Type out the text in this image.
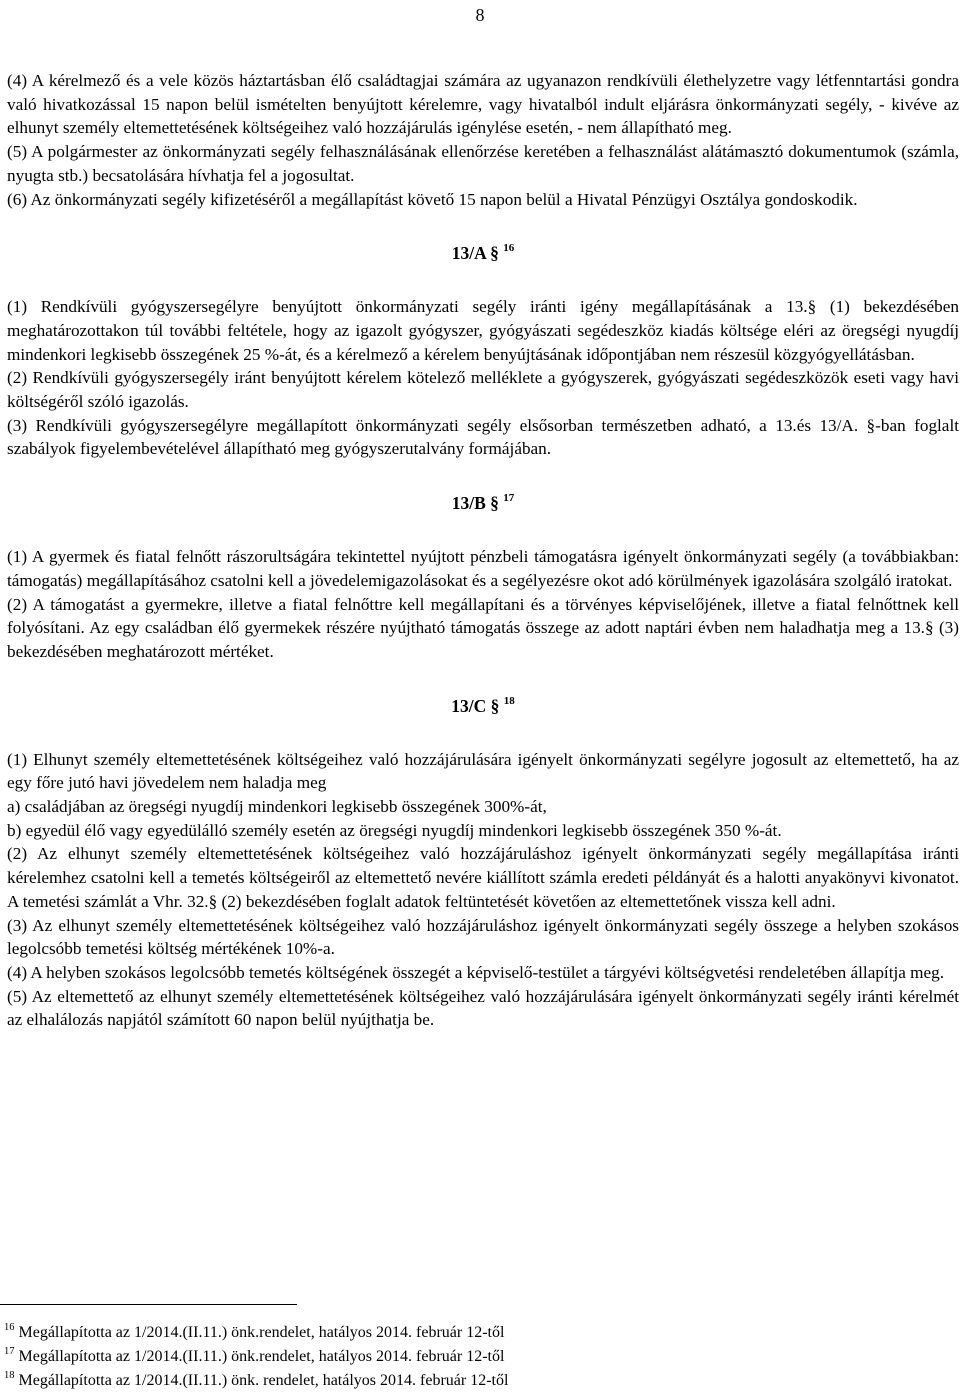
8

(4) A kérelmező és a vele közös háztartásban élő családtagjai számára az ugyanazon rendkívüli élethelyzetre vagy létfenntartási gondra való hivatkozással 15 napon belül ismételten benyújtott kérelemre, vagy hivatalból indult eljárásra önkormányzati segély, - kivéve az elhunyt személy eltemettetésének költségeihez való hozzájárulás igénylése esetén, - nem állapítható meg.

(5) A polgármester az önkormányzati segély felhasználásának ellenőrzése keretében a felhasználást alátámasztó dokumentumok (számla, nyugta stb.) becsatolására hívhatja fel a jogosultat.

(6) Az önkormányzati segély kifizetéséről a megállapítást követő 15 napon belül a Hivatal Pénzügyi Osztálya gondoskodik.

13/A § $^{16}$

(1) Rendkívüli gyógyszersegélyre benyújtott önkormányzati segély iránti igény megállapításának a 13.§ (1) bekezdésében meghatározottakon túl további feltétele, hogy az igazolt gyógyszer, gyógyászati segédeszköz kiadás költsége eléri az öregségi nyugdíj mindenkori legkisebb összegének 25 %-át, és a kérelmező a kérelem benyújtásának időpontjában nem részesül közgyógyellátásban.

(2) Rendkívüli gyógyszersegély iránt benyújtott kérelem kötelező melléklete a gyógyszerek, gyógyászati segédeszközök eseti vagy havi költségéről szóló igazolás.

(3) Rendkívüli gyógyszersegélyre megállapított önkormányzati segély elsősorban természetben adható, a 13.és 13/A. §-ban foglalt szabályok figyelembevételével állapítható meg gyógyszerutalvány formájában.

13/B § $^{17}$

(1) A gyermek és fiatal felnőtt rászorultságára tekintettel nyújtott pénzbeli támogatásra igényelt önkormányzati segély (a továbbiakban: támogatás) megállapításához csatolni kell a jövedelemigazolásokat és a segélyezésre okot adó körülmények igazolására szolgáló iratokat.

(2) A támogatást a gyermekre, illetve a fiatal felnőttre kell megállapítani és a törvényes képviselőjének, illetve a fiatal felnőttnek kell folyósítani. Az egy családban élő gyermekek részére nyújtható támogatás összege az adott naptári évben nem haladhatja meg a 13.§ (3) bekezdésében meghatározott mértéket.

13/C § $^{18}$

(1) Elhunyt személy eltemettetésének költségeihez való hozzájárulására igényelt önkormányzati segélyre jogosult az eltemettető, ha az egy főre jutó havi jövedelem nem haladja meg

a) családjában az öregségi nyugdíj mindenkori legkisebb összegének 300%-át,

b) egyedül élő vagy egyedülálló személy esetén az öregségi nyugdíj mindenkori legkisebb összegének 350 %-át.

(2) Az elhunyt személy eltemettetésének költségeihez való hozzájáruláshoz igényelt önkormányzati segély megállapítása iránti kérelemhez csatolni kell a temetés költségeiről az eltemettető nevére kiállított számla eredeti példányát és a halotti anyakönyvi kivonatot. A temetési számlát a Vhr. 32.§ (2) bekezdésében foglalt adatok feltüntetését követően az eltemettetőnek vissza kell adni.

(3) Az elhunyt személy eltemettetésének költségeihez való hozzájáruláshoz igényelt önkormányzati segély összege a helyben szokásos legolcsóbb temetési költség mértékének 10%-a.

(4) A helyben szokásos legolcsóbb temetés költségének összegét a képviselő-testület a tárgyévi költségvetési rendeletében állapítja meg.

(5) Az eltemettető az elhunyt személy eltemettetésének költségeihez való hozzájárulására igényelt önkormányzati segély iránti kérelmét az elhalálozás napjától számított 60 napon belül nyújthatja be.

$^{16}$ Megállapította az 1/2014.(II.11.) önk.rendelet, hatályos 2014. február 12-től

$^{17}$ Megállapította az 1/2014.(II.11.) önk.rendelet, hatályos 2014. február 12-től

$^{18}$ Megállapította az 1/2014.(II.11.) önk. rendelet, hatályos 2014. február 12-től
